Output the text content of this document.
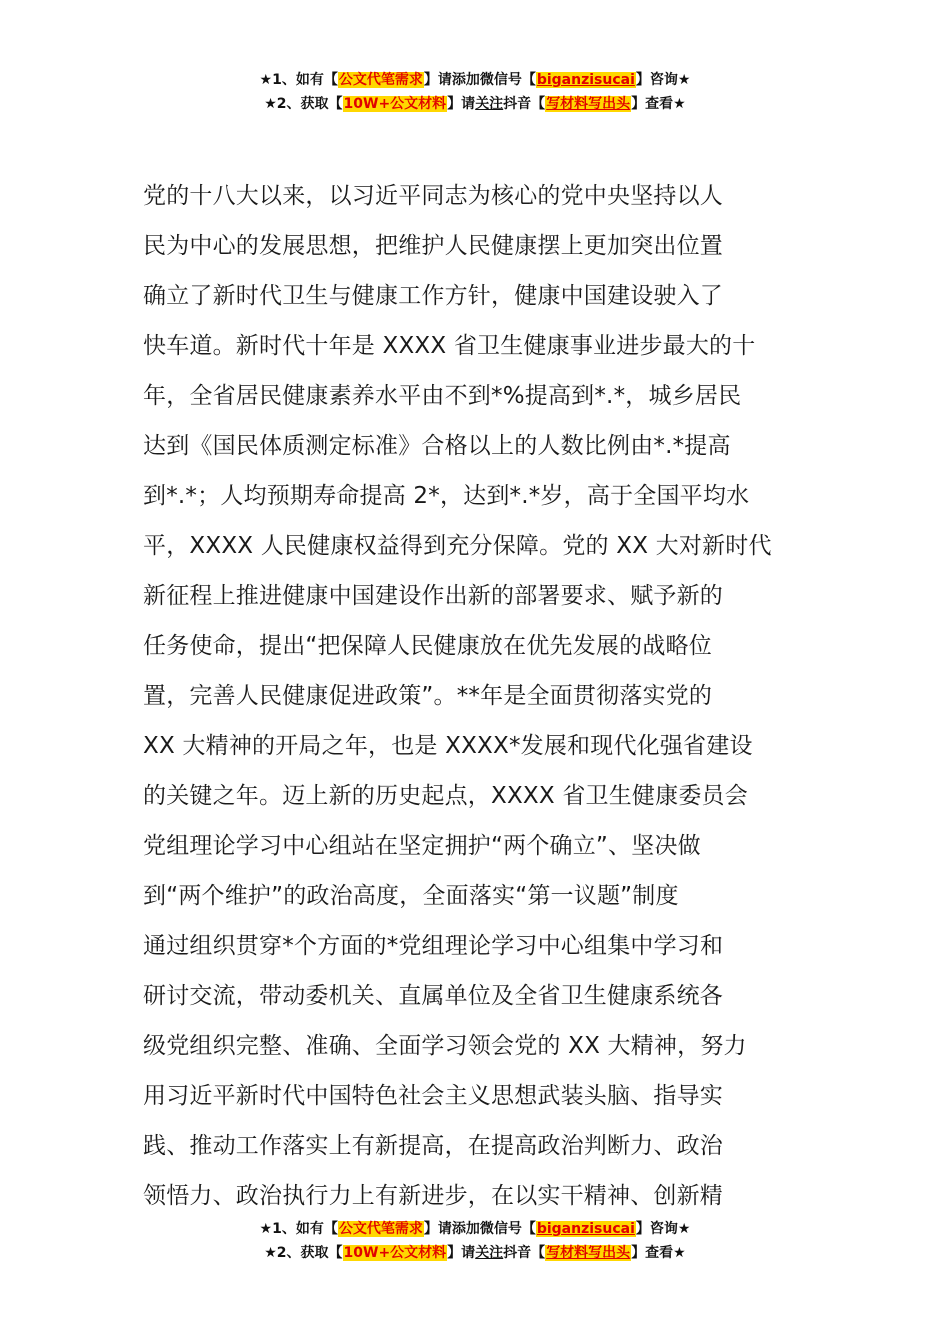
★1、如有【公文代笔需求】请添加微信号【biganzisucai】咨询★
★2、获取【10W+公文材料】请关注抖音【写材料写出头】查看★
党的十八大以来，以习近平同志为核心的党中央坚持以人
民为中心的发展思想，把维护人民健康摆上更加突出位置
确立了新时代卫生与健康工作方针，健康中国建设驶入了
快车道。新时代十年是 XXXX 省卫生健康事业进步最大的十
年，全省居民健康素养水平由不到*%提高到*.*，城乡居民
达到《国民体质测定标准》合格以上的人数比例由*.*提高
到*.*；人均预期寿命提高 2*，达到*.*岁，高于全国平均水
平，XXXX 人民健康权益得到充分保障。党的 XX 大对新时代
新征程上推进健康中国建设作出新的部署要求、赋予新的
任务使命，提出“把保障人民健康放在优先发展的战略位
置，完善人民健康促进政策”。**年是全面贯彻落实党的
XX 大精神的开局之年，也是 XXXX*发展和现代化强省建设
的关键之年。迈上新的历史起点，XXXX 省卫生健康委员会
党组理论学习中心组站在坚定拥护“两个确立”、坚决做
到“两个维护”的政治高度，全面落实“第一议题”制度
通过组织贯穿*个方面的*党组理论学习中心组集中学习和
研讨交流，带动委机关、直属单位及全省卫生健康系统各
级党组织完整、准确、全面学习领会党的 XX 大精神，努力
用习近平新时代中国特色社会主义思想武装头脑、指导实
践、推动工作落实上有新提高，在提高政治判断力、政治
领悟力、政治执行力上有新进步，在以实干精神、创新精
★1、如有【公文代笔需求】请添加微信号【biganzisucai】咨询★
★2、获取【10W+公文材料】请关注抖音【写材料写出头】查看★
